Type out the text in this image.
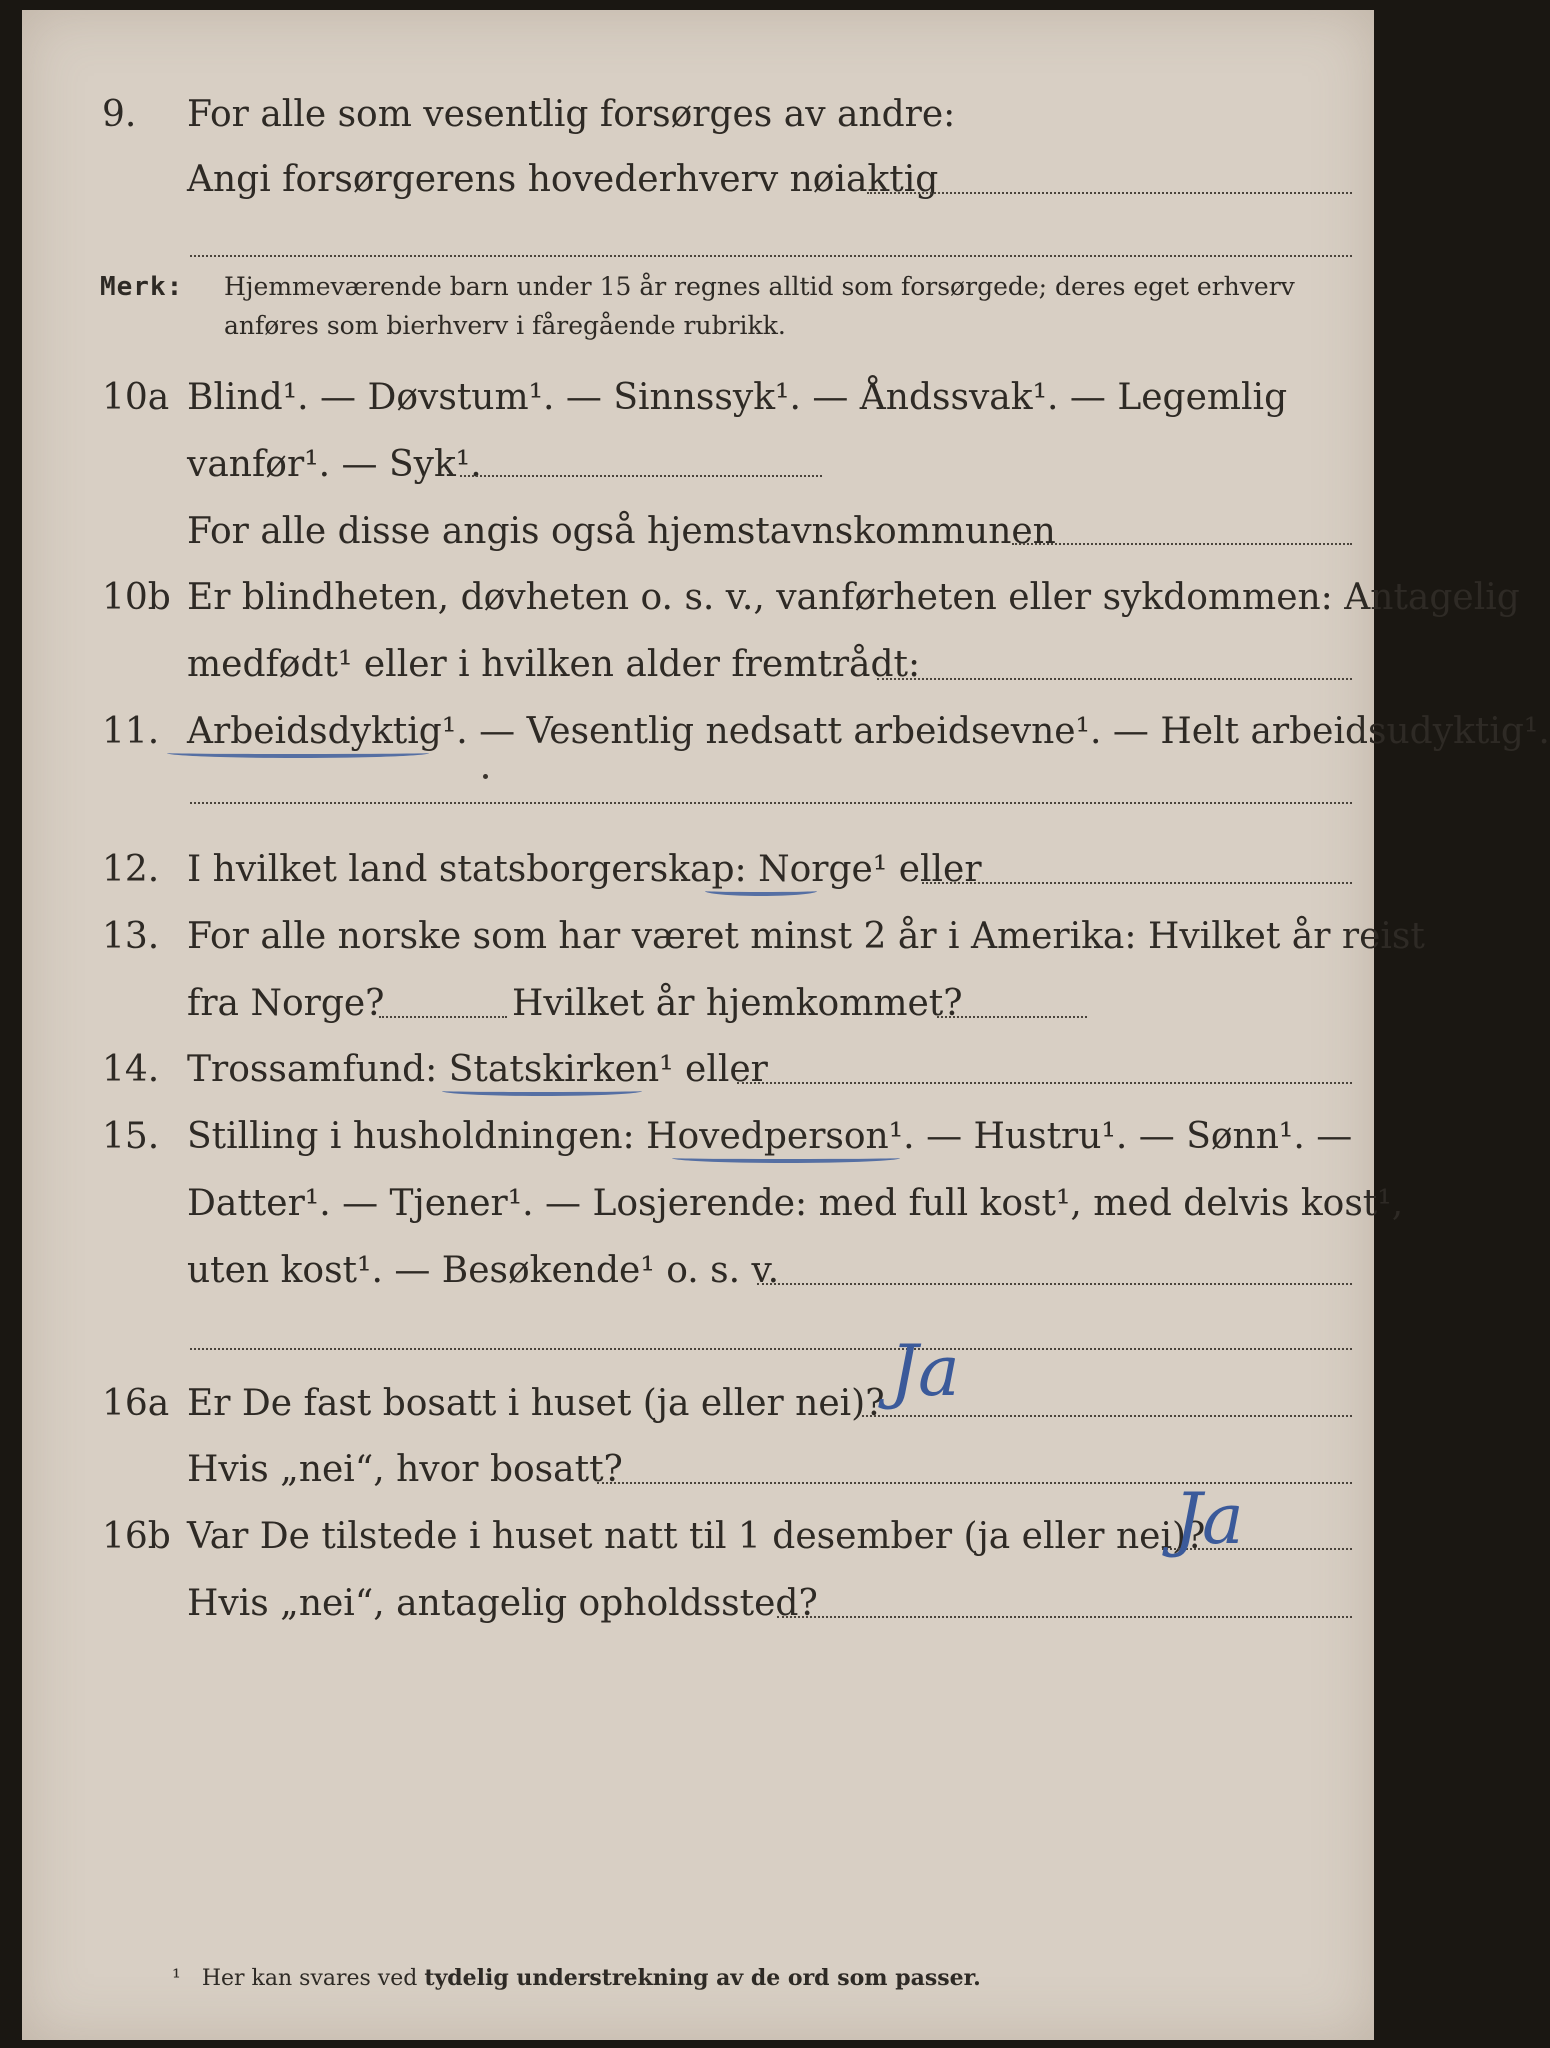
9.	For alle som vesentlig forsørges av andre:
Angi forsørgerens hovederhverv nøiaktig
Merk: Hjemmeværende barn under 15 år regnes alltid som forsørgede; deres eget erhverv
anføres som bierhverv i fåregående rubrikk.
10a Blind¹. — Døvstum¹. — Sinnssyk¹. — Åndssvak¹. — Legemlig
vanfør¹. — Syk¹.
For alle disse angis også hjemstavnskommunen
10b Er blindheten, døvheten o. s. v., vanførheten eller sykdommen: Antagelig
medfødt¹ eller i hvilken alder fremtrådt:
11. Arbeidsdyktig¹. — Vesentlig nedsatt arbeidsevne¹. — Helt arbeidsudyktig¹.
12. I hvilket land statsborgerskap: Norge¹ eller
13. For alle norske som har været minst 2 år i Amerika: Hvilket år reist
fra Norge?	Hvilket år hjemkommet?
14. Trossamfund: Statskirken¹ eller
15. Stilling i husholdningen: Hovedperson¹. — Hustru¹. — Sønn¹. —
Datter¹. — Tjener¹. — Losjerende: med full kost¹, med delvis kost¹,
uten kost¹. — Besøkende¹ o. s. v.
16a Er De fast bosatt i huset (ja eller nei)? Ja
Hvis „nei“, hvor bosatt?
16b Var De tilstede i huset natt til 1 desember (ja eller nei)?
Ja
Hvis „nei“, antagelig opholdssted?
¹ Her kan svares ved tydelig understrekning av de ord som passer.
